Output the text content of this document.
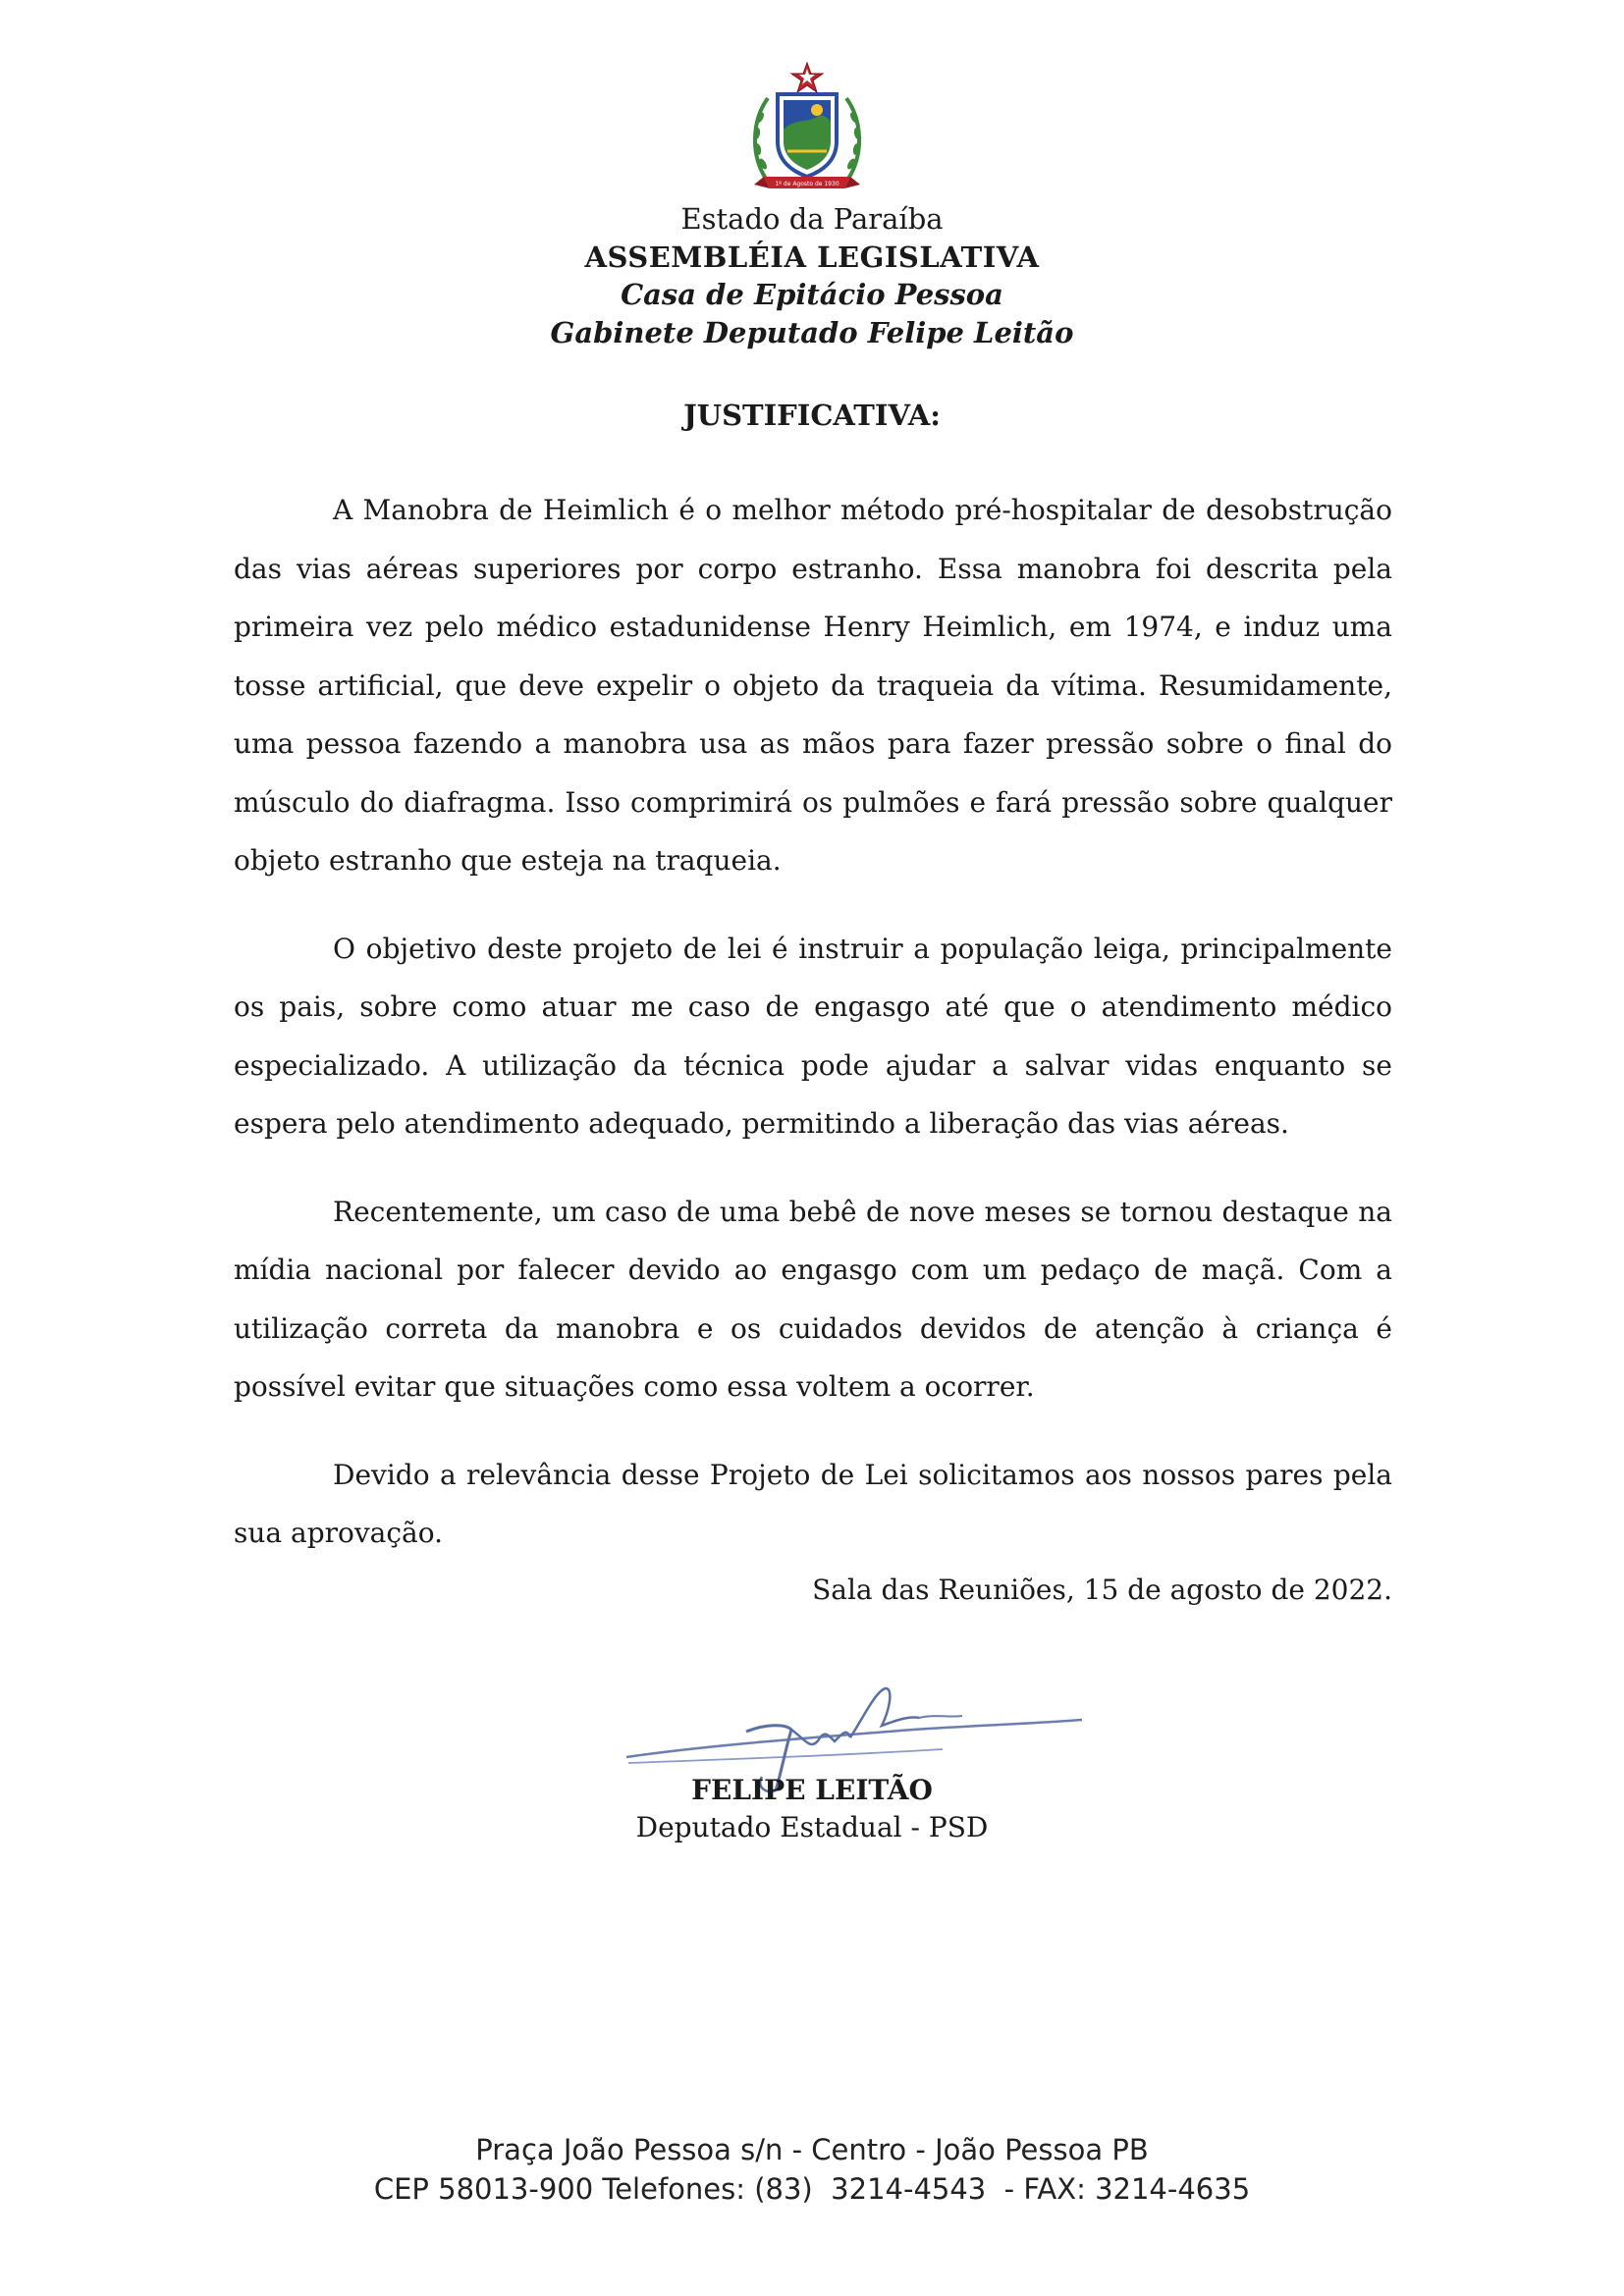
1º de Agosto de 1930
Estado da Paraíba
ASSEMBLÉIA LEGISLATIVA
Casa de Epitácio Pessoa
Gabinete Deputado Felipe Leitão
JUSTIFICATIVA:

A Manobra de Heimlich é o melhor método pré-hospitalar de desobstrução das vias aéreas superiores por corpo estranho. Essa manobra foi descrita pela primeira vez pelo médico estadunidense Henry Heimlich, em 1974, e induz uma tosse artificial, que deve expelir o objeto da traqueia da vítima. Resumidamente, uma pessoa fazendo a manobra usa as mãos para fazer pressão sobre o final do músculo do diafragma. Isso comprimirá os pulmões e fará pressão sobre qualquer objeto estranho que esteja na traqueia.

O objetivo deste projeto de lei é instruir a população leiga, principalmente os pais, sobre como atuar me caso de engasgo até que o atendimento médico especializado. A utilização da técnica pode ajudar a salvar vidas enquanto se espera pelo atendimento adequado, permitindo a liberação das vias aéreas.

Recentemente, um caso de uma bebê de nove meses se tornou destaque na mídia nacional por falecer devido ao engasgo com um pedaço de maçã. Com a utilização correta da manobra e os cuidados devidos de atenção à criança é possível evitar que situações como essa voltem a ocorrer.

Devido a relevância desse Projeto de Lei solicitamos aos nossos pares pela sua aprovação.

Sala das Reuniões, 15 de agosto de 2022.
FELIPE LEITÃO
Deputado Estadual - PSD
Praça João Pessoa s/n - Centro - João Pessoa PB
CEP 58013-900 Telefones: (83)  3214-4543  - FAX: 3214-4635
